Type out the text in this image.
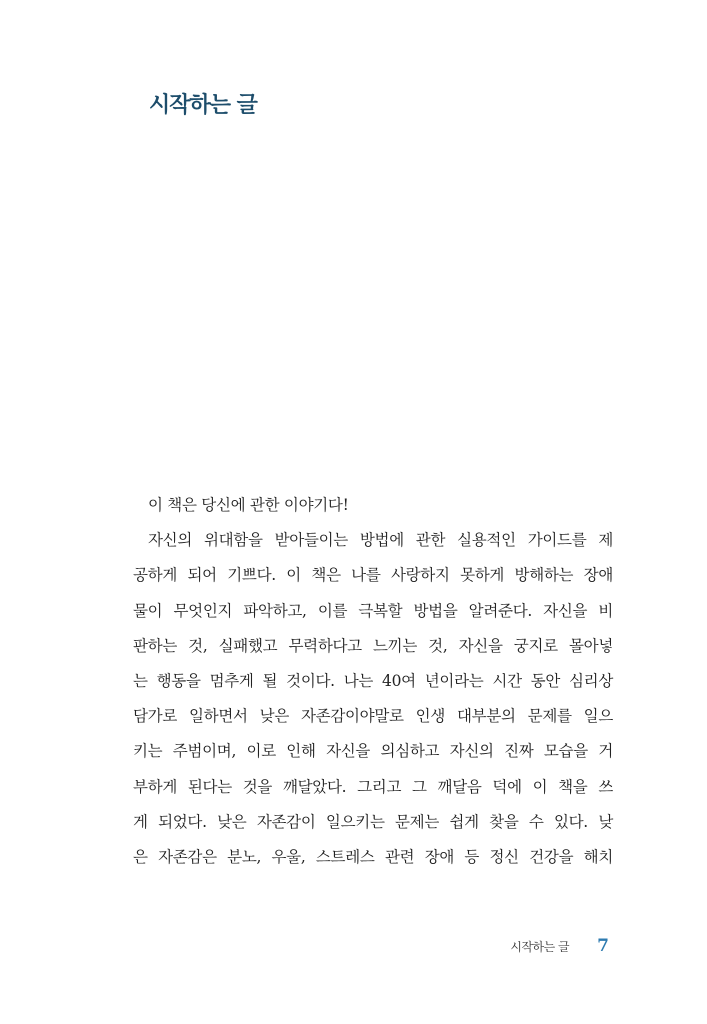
시작하는 글
이 책은 당신에 관한 이야기다!
자신의 위대함을 받아들이는 방법에 관한 실용적인 가이드를 제
공하게 되어 기쁘다. 이 책은 나를 사랑하지 못하게 방해하는 장애
물이 무엇인지 파악하고, 이를 극복할 방법을 알려준다. 자신을 비
판하는 것, 실패했고 무력하다고 느끼는 것, 자신을 궁지로 몰아넣
는 행동을 멈추게 될 것이다. 나는 40여 년이라는 시간 동안 심리상
담가로 일하면서 낮은 자존감이야말로 인생 대부분의 문제를 일으
키는 주범이며, 이로 인해 자신을 의심하고 자신의 진짜 모습을 거
부하게 된다는 것을 깨달았다. 그리고 그 깨달음 덕에 이 책을 쓰
게 되었다. 낮은 자존감이 일으키는 문제는 쉽게 찾을 수 있다. 낮
은 자존감은 분노, 우울, 스트레스 관련 장애 등 정신 건강을 해치
시작하는 글 7
